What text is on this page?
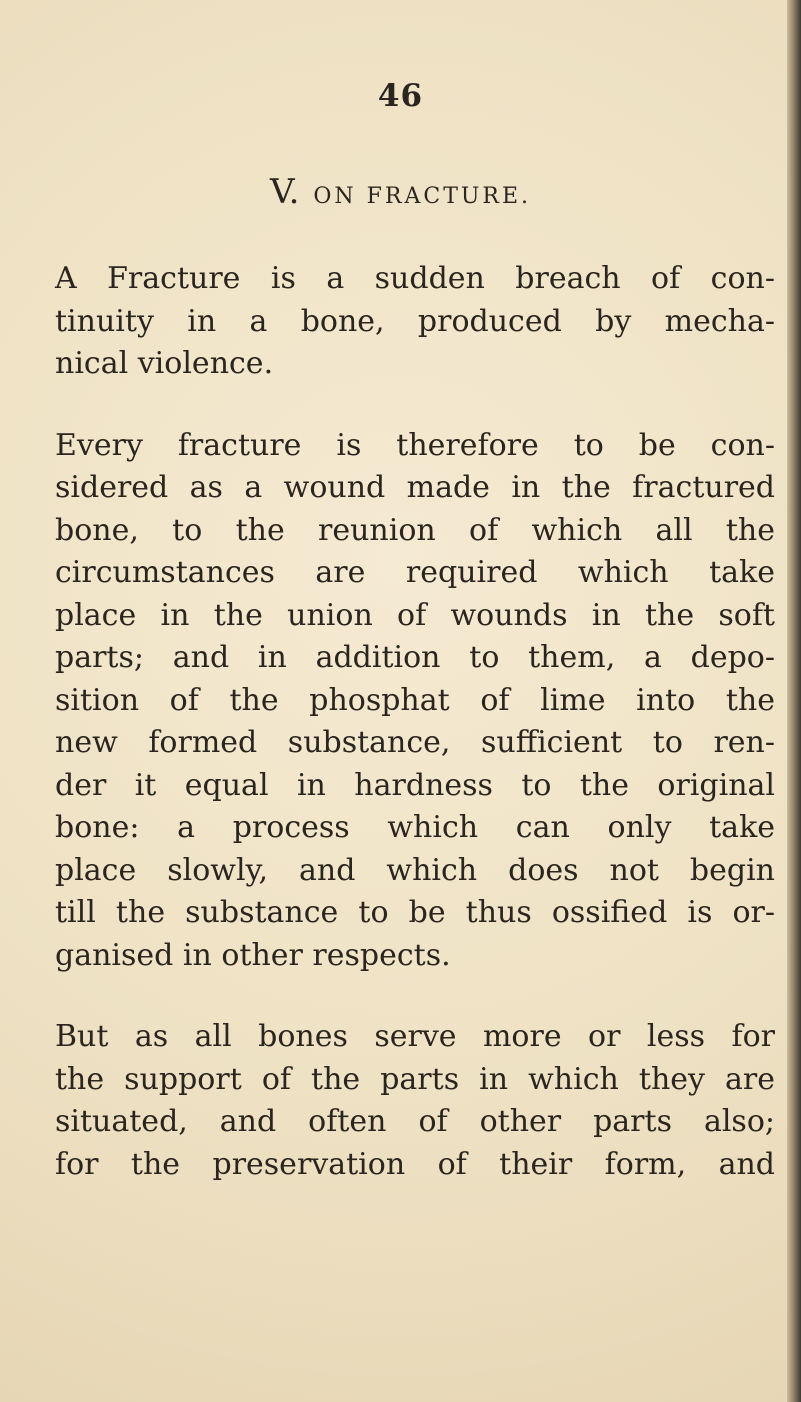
46
V. ON FRACTURE.

A Fracture is a sudden breach of con-
tinuity in a bone, produced by mecha-
nical violence.

Every fracture is therefore to be con-
sidered as a wound made in the fractured
bone, to the reunion of which all the
circumstances are required which take
place in the union of wounds in the soft
parts; and in addition to them, a depo-
sition of the phosphat of lime into the
new formed substance, sufficient to ren-
der it equal in hardness to the original
bone: a process which can only take
place slowly, and which does not begin
till the substance to be thus ossified is or-
ganised in other respects.

But as all bones serve more or less for
the support of the parts in which they are
situated, and often of other parts also;
for the preservation of their form, and
